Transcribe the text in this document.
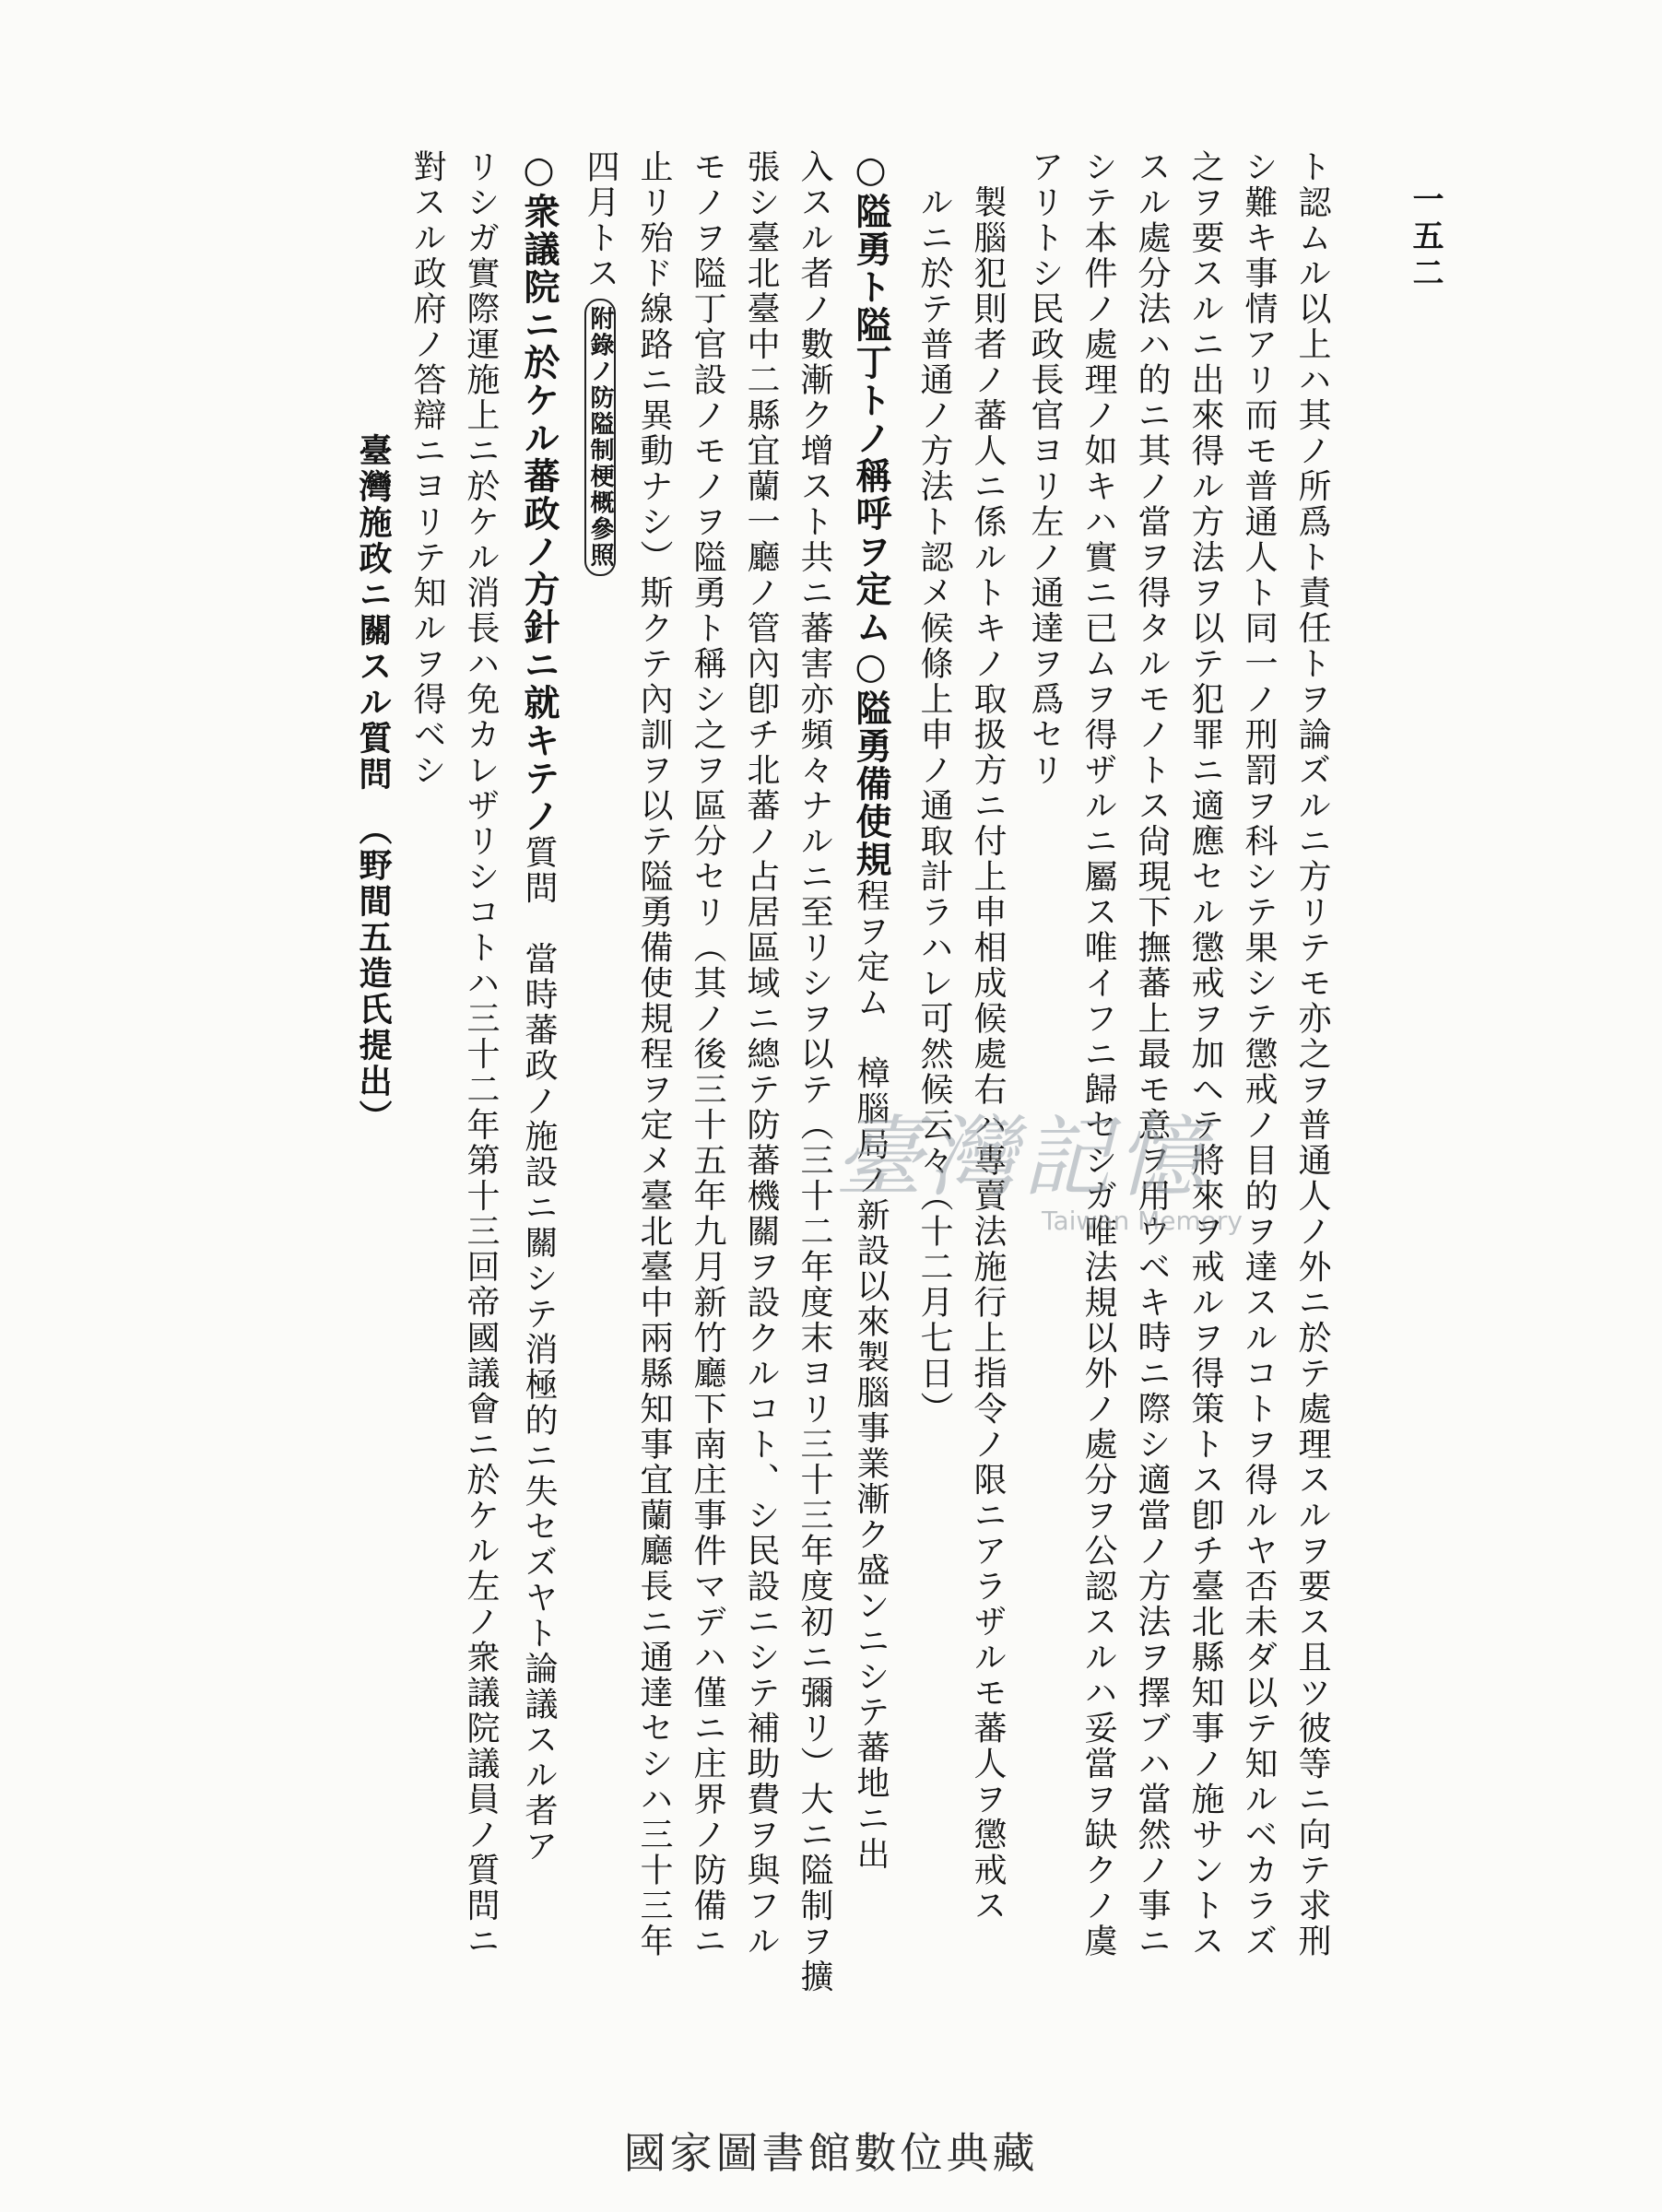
一五二
ト認ムル以上ハ其ノ所爲ト責任トヲ論ズルニ方リテモ亦之ヲ普通人ノ外ニ於テ處理スルヲ要ス且ツ彼等ニ向テ求刑
シ難キ事情アリ而モ普通人ト同一ノ刑罰ヲ科シテ果シテ懲戒ノ目的ヲ達スルコトヲ得ルヤ否未ダ以テ知ルベカラズ
之ヲ要スルニ出來得ル方法ヲ以テ犯罪ニ適應セル懲戒ヲ加ヘテ將來ヲ戒ルヲ得策トス卽チ臺北縣知事ノ施サントス
スル處分法ハ的ニ其ノ當ヲ得タルモノトス尙現下撫蕃上最モ意ヲ用ウベキ時ニ際シ適當ノ方法ヲ擇ブハ當然ノ事ニ
シテ本件ノ處理ノ如キハ實ニ已ムヲ得ザルニ屬ス唯イフニ歸セシガ唯法規以外ノ處分ヲ公認スルハ妥當ヲ缺クノ虞
アリトシ民政長官ヨリ左ノ通達ヲ爲セリ
　製腦犯則者ノ蕃人ニ係ルトキノ取扱方ニ付上申相成候處右ハ專賣法施行上指令ノ限ニアラザルモ蕃人ヲ懲戒ス
　ルニ於テ普通ノ方法ト認メ候條上申ノ通取計ラハレ可然候云々（十二月七日）
○隘勇ト隘丁トノ稱呼ヲ定ム○隘勇備使規程ヲ定ム　樟腦局ノ新設以來製腦事業漸ク盛ンニシテ蕃地ニ出
入スル者ノ數漸ク增スト共ニ蕃害亦頻々ナルニ至リシヲ以テ（三十二年度末ヨリ三十三年度初ニ彌リ）大ニ隘制ヲ擴
張シ臺北臺中二縣宜蘭一廳ノ管內卽チ北蕃ノ占居區域ニ總テ防蕃機關ヲ設クルコト、シ民設ニシテ補助費ヲ與フル
モノヲ隘丁官設ノモノヲ隘勇ト稱シ之ヲ區分セリ（其ノ後三十五年九月新竹廳下南庄事件マデハ僅ニ庄界ノ防備ニ
止リ殆ド線路ニ異動ナシ）斯クテ內訓ヲ以テ隘勇備使規程ヲ定メ臺北臺中兩縣知事宜蘭廳長ニ通達セシハ三十三年
四月トス附錄ノ防隘制梗概參照
○衆議院ニ於ケル蕃政ノ方針ニ就キテノ質問　當時蕃政ノ施設ニ關シテ消極的ニ失セズヤト論議スル者ア
リシガ實際運施上ニ於ケル消長ハ免カレザリシコトハ三十二年第十三回帝國議會ニ於ケル左ノ衆議院議員ノ質問ニ
對スル政府ノ答辯ニヨリテ知ルヲ得ベシ
臺灣施政ニ關スル質問　（野間五造氏提出）
臺灣記憶
Taiwan Memory
國家圖書館數位典藏
